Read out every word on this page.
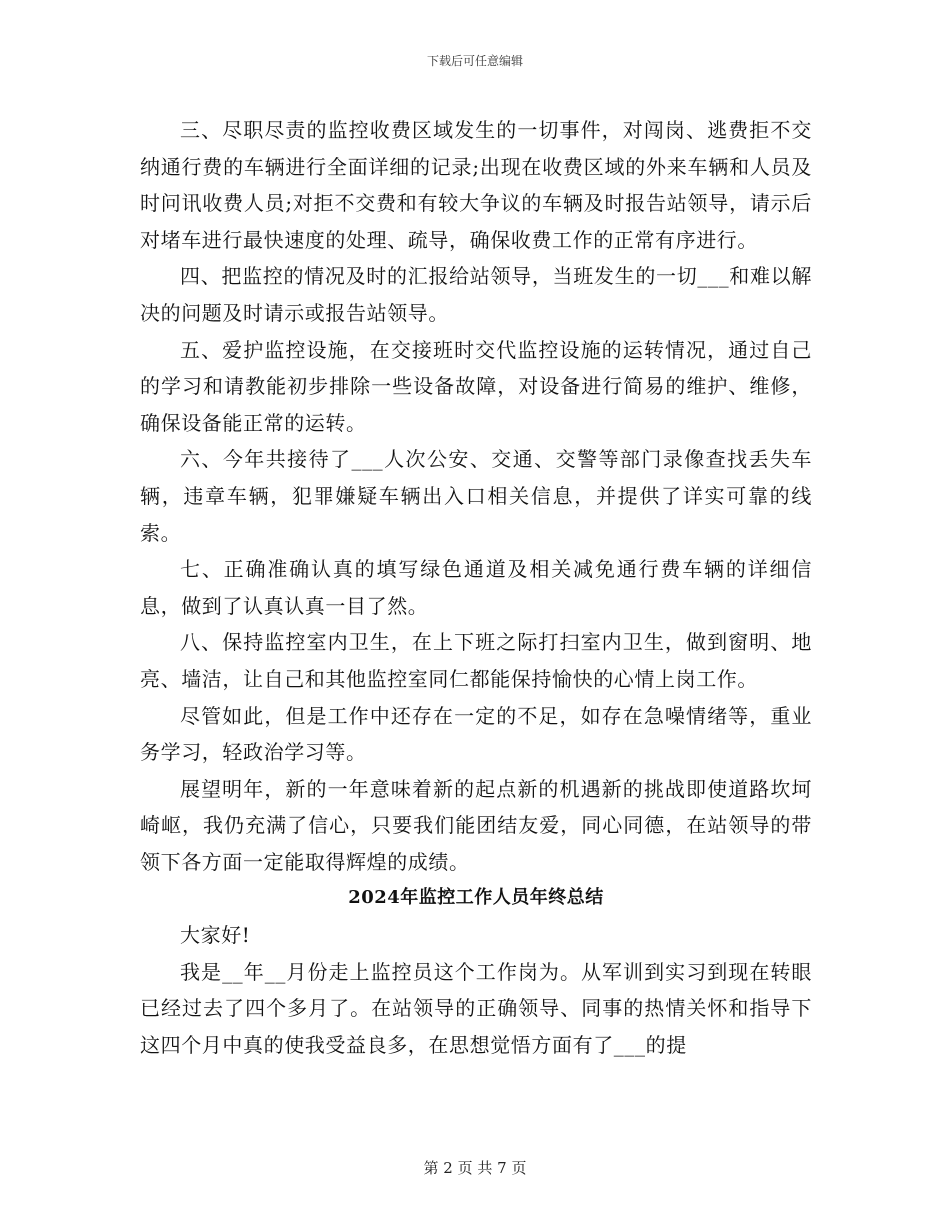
下载后可任意编辑

三、尽职尽责的监控收费区域发生的一切事件，对闯岗、逃费拒不交纳通行费的车辆进行全面详细的记录;出现在收费区域的外来车辆和人员及时问讯收费人员;对拒不交费和有较大争议的车辆及时报告站领导，请示后对堵车进行最快速度的处理、疏导，确保收费工作的正常有序进行。

四、把监控的情况及时的汇报给站领导，当班发生的一切___和难以解决的问题及时请示或报告站领导。

五、爱护监控设施，在交接班时交代监控设施的运转情况，通过自己的学习和请教能初步排除一些设备故障，对设备进行简易的维护、维修，确保设备能正常的运转。

六、今年共接待了___人次公安、交通、交警等部门录像查找丢失车辆，违章车辆，犯罪嫌疑车辆出入口相关信息，并提供了详实可靠的线索。

七、正确准确认真的填写绿色通道及相关减免通行费车辆的详细信息，做到了认真认真一目了然。

八、保持监控室内卫生，在上下班之际打扫室内卫生，做到窗明、地亮、墙洁，让自己和其他监控室同仁都能保持愉快的心情上岗工作。

尽管如此，但是工作中还存在一定的不足，如存在急噪情绪等，重业务学习，轻政治学习等。

展望明年，新的一年意味着新的起点新的机遇新的挑战即使道路坎坷崎岖，我仍充满了信心，只要我们能团结友爱，同心同德，在站领导的带领下各方面一定能取得辉煌的成绩。

2024年监控工作人员年终总结

大家好!

我是__年__月份走上监控员这个工作岗为。从军训到实习到现在转眼已经过去了四个多月了。在站领导的正确领导、同事的热情关怀和指导下这四个月中真的使我受益良多，在思想觉悟方面有了___的提

第 2 页 共 7 页
